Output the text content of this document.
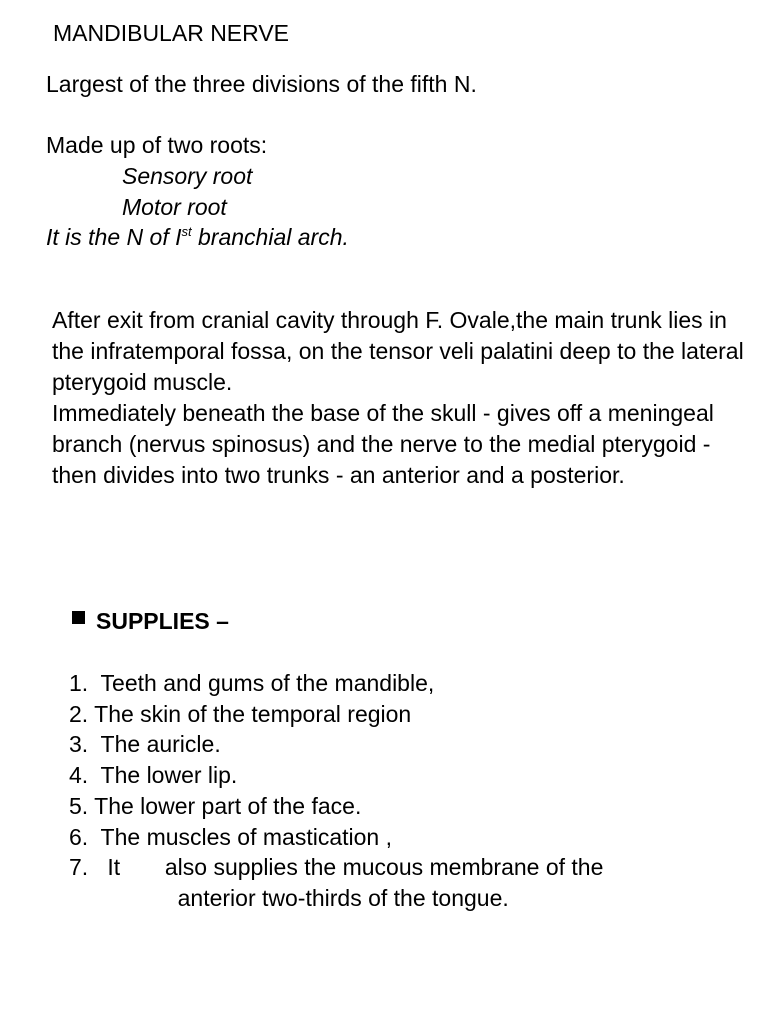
MANDIBULAR NERVE
Largest of the three divisions of the fifth N.
Made up of two roots:
Sensory root
Motor root
It is the N of Ist branchial arch.
After exit from cranial cavity through F. Ovale,the main trunk lies in the infratemporal fossa, on the tensor veli palatini deep to the lateral pterygoid muscle.
Immediately beneath the base of the skull - gives off a meningeal branch (nervus spinosus) and the nerve to the medial pterygoid - then divides into two trunks - an anterior and a posterior.
SUPPLIES –
1.  Teeth and gums of the mandible,
2. The skin of the temporal region
3.  The auricle.
4.  The lower lip.
5. The lower part of the face.
6.  The muscles of mastication ,
7.   It       also supplies the mucous membrane of the
anterior two-thirds of the tongue.
